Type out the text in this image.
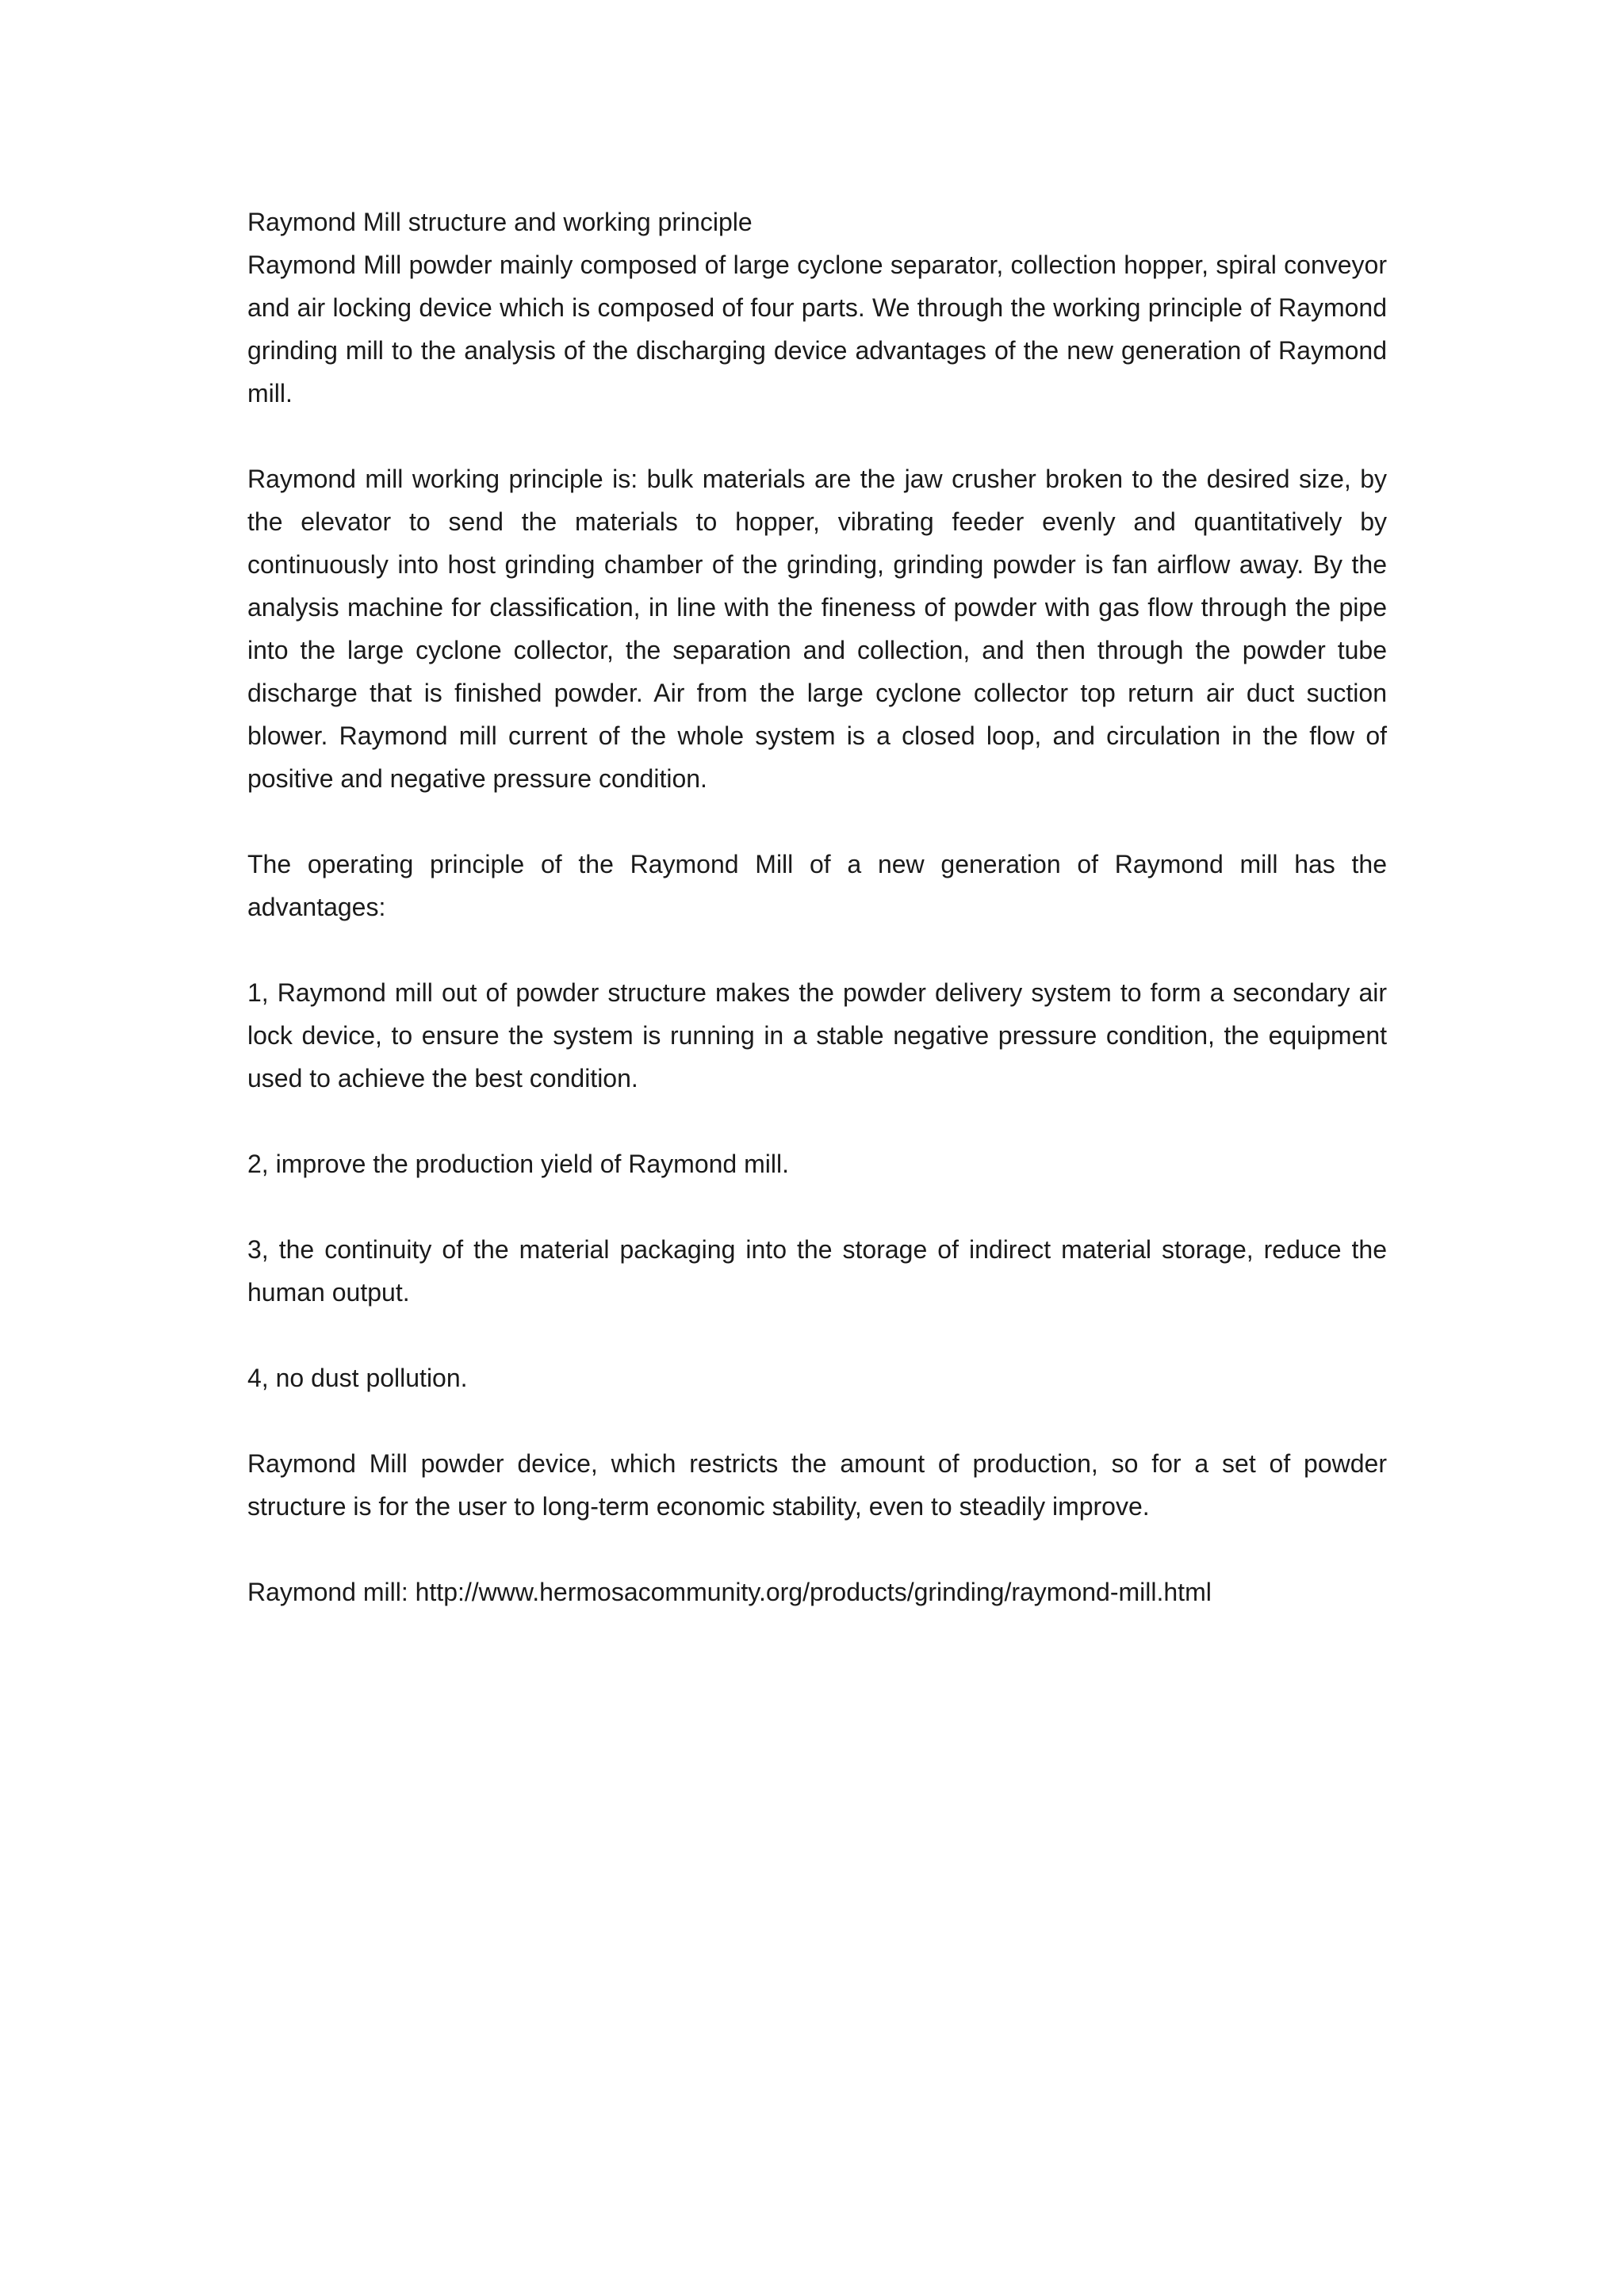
Raymond Mill structure and working principle

Raymond Mill powder mainly composed of large cyclone separator, collection hopper, spiral conveyor and air locking device which is composed of four parts. We through the working principle of Raymond grinding mill to the analysis of the discharging device advantages of the new generation of Raymond mill.

Raymond mill working principle is: bulk materials are the jaw crusher broken to the desired size, by the elevator to send the materials to hopper, vibrating feeder evenly and quantitatively by continuously into host grinding chamber of the grinding, grinding powder is fan airflow away. By the analysis machine for classification, in line with the fineness of powder with gas flow through the pipe into the large cyclone collector, the separation and collection, and then through the powder tube discharge that is finished powder. Air from the large cyclone collector top return air duct suction blower. Raymond mill current of the whole system is a closed loop, and circulation in the flow of positive and negative pressure condition.

The operating principle of the Raymond Mill of a new generation of Raymond mill has the advantages:

1, Raymond mill out of powder structure makes the powder delivery system to form a secondary air lock device, to ensure the system is running in a stable negative pressure condition, the equipment used to achieve the best condition.

2, improve the production yield of Raymond mill.

3, the continuity of the material packaging into the storage of indirect material storage, reduce the human output.

4, no dust pollution.

Raymond Mill powder device, which restricts the amount of production, so for a set of powder structure is for the user to long-term economic stability, even to steadily improve.

Raymond mill: http://www.hermosacommunity.org/products/grinding/raymond-mill.html
